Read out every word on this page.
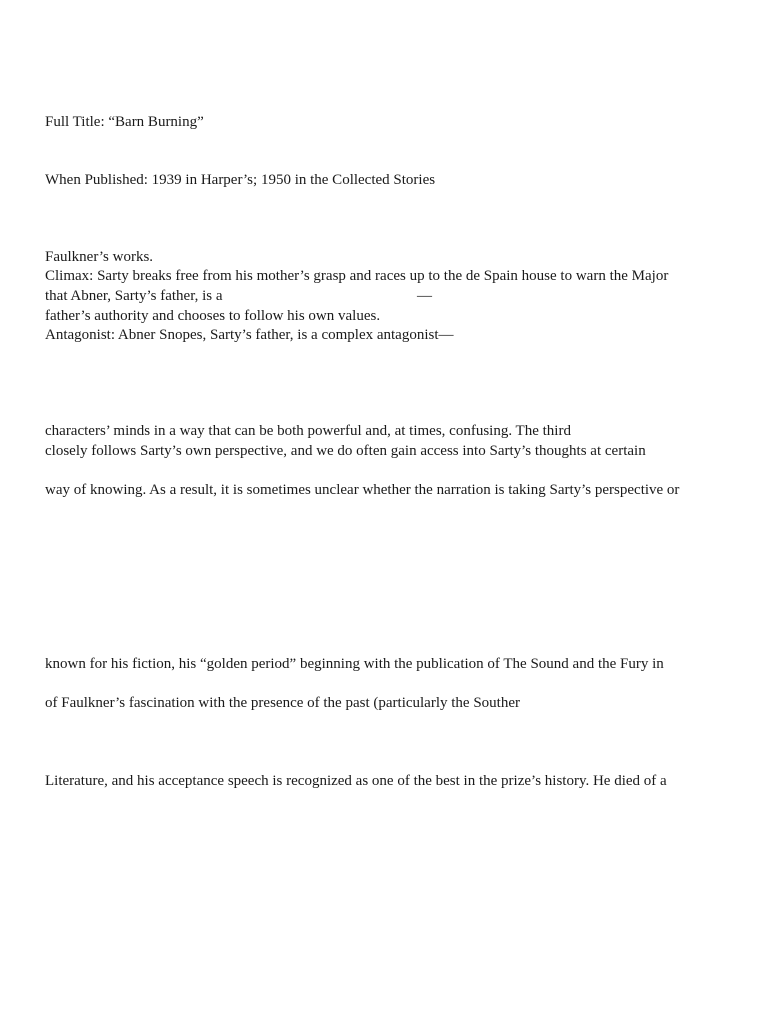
Full Title: “Barn Burning”

When Published: 1939 in Harper’s; 1950 in the Collected Stories

Faulkner’s works.

Climax: Sarty breaks free from his mother’s grasp and races up to the de Spain house to warn the Major

that Abner, Sarty’s father, is a	—

father’s authority and chooses to follow his own values.

Antagonist: Abner Snopes, Sarty’s father, is a complex antagonist—

characters’ minds in a way that can be both powerful and, at times, confusing. The third

closely follows Sarty’s own perspective, and we do often gain access into Sarty’s thoughts at certain

way of knowing. As a result, it is sometimes unclear whether the narration is taking Sarty’s perspective or

known for his fiction, his “golden period” beginning with the publication of The Sound and the Fury in

of Faulkner’s fascination with the presence of the past (particularly the Souther

Literature, and his acceptance speech is recognized as one of the best in the prize’s history. He died of a
